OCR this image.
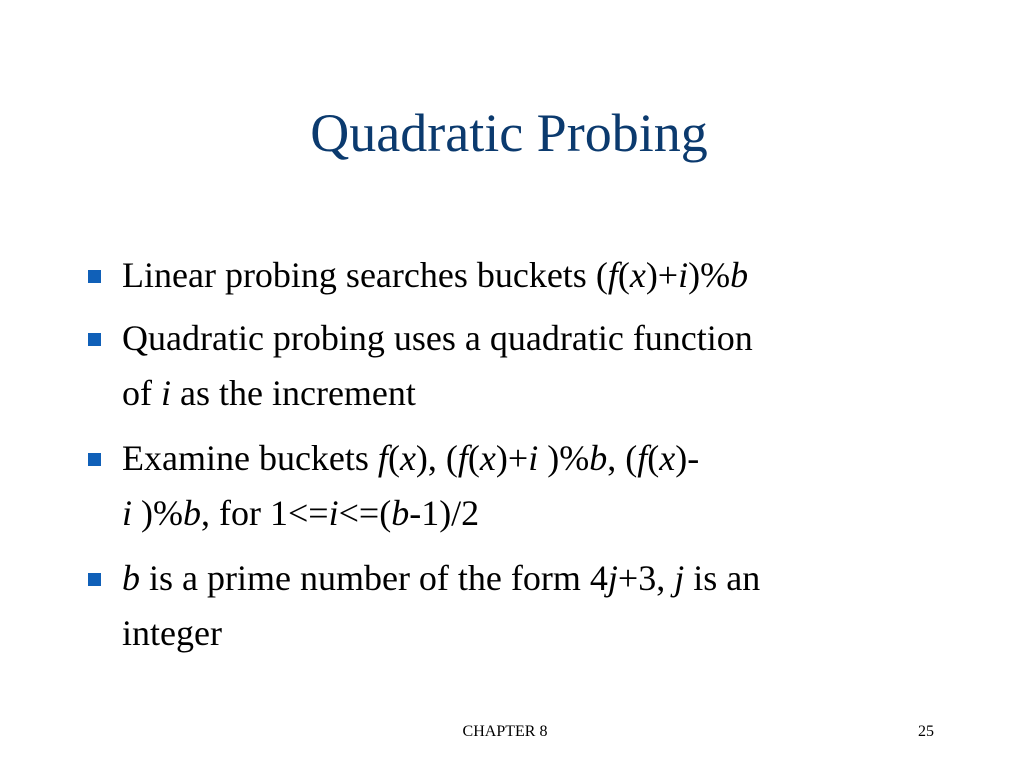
Quadratic Probing
Linear probing searches buckets (f(x)+i)%b
Quadratic probing uses a quadratic function
of i as the increment
Examine buckets f(x), (f(x)+i )%b, (f(x)-
i )%b, for 1<=i<=(b-1)/2
b is a prime number of the form 4j+3, j is an
integer
CHAPTER 8	25
